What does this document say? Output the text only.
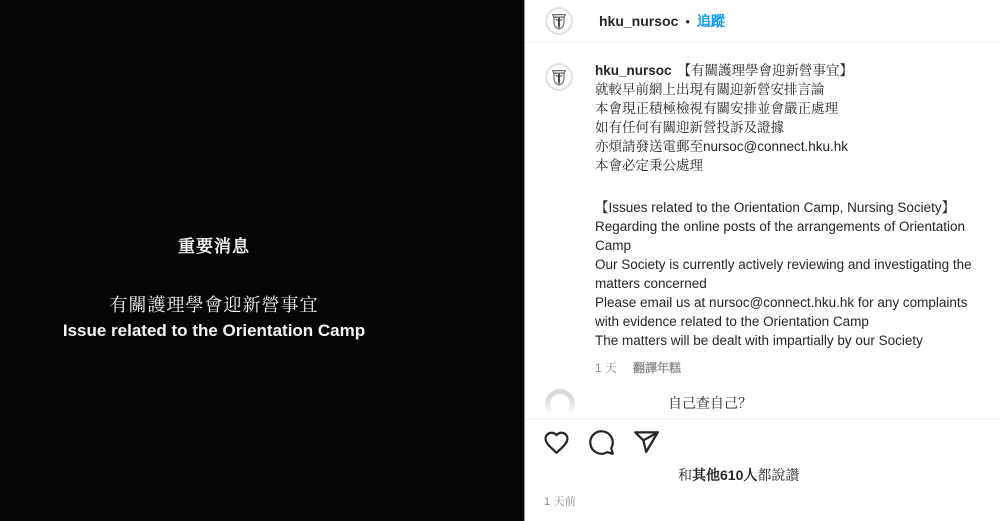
重要消息
有關護理學會迎新營事宜
Issue related to the Orientation Camp
hku_nursoc • 追蹤
hku_nursoc 【有關護理學會迎新營事宜】
就較早前網上出現有關迎新營安排言論
本會現正積極檢視有關安排並會嚴正處理
如有任何有關迎新營投訴及證據
亦煩請發送電郵至nursoc@connect.hku.hk
本會必定秉公處理
【Issues related to the Orientation Camp, Nursing Society】
Regarding the online posts of the arrangements of Orientation
Camp
Our Society is currently actively reviewing and investigating the
matters concerned
Please email us at nursoc@connect.hku.hk for any complaints
with evidence related to the Orientation Camp
The matters will be dealt with impartially by our Society
1 天 翻譯年糕
自己查自己？
和其他610人都說讚
1 天前
